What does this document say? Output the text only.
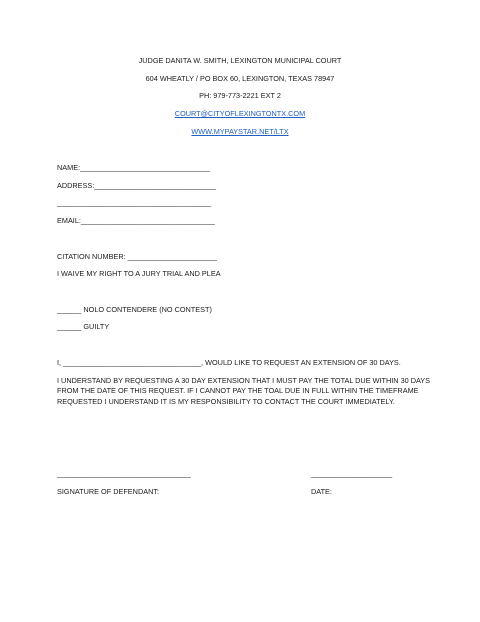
JUDGE DANITA W. SMITH, LEXINGTON MUNICIPAL COURT
604 WHEATLY / PO BOX 60, LEXINGTON, TEXAS 78947
PH: 979-773-2221 EXT 2
COURT@CITYOFLEXINGTONTX.COM
WWW.MYPAYSTAR.NET/LTX
NAME:________________________________
ADDRESS:______________________________
______________________________________
EMAIL:_________________________________
CITATION NUMBER: ______________________
I WAIVE MY RIGHT TO A JURY TRIAL AND PLEA
______ NOLO CONTENDERE (NO CONTEST)
______ GUILTY
I, __________________________________, WOULD LIKE TO REQUEST AN EXTENSION OF 30 DAYS.
I UNDERSTAND BY REQUESTING A 30 DAY EXTENSION THAT I MUST PAY THE TOTAL DUE WITHIN 30 DAYS FROM THE DATE OF THIS REQUEST. IF I CANNOT PAY THE TOAL DUE IN FULL WITHIN THE TIMEFRAME REQUESTED I UNDERSTAND IT IS MY RESPONSIBILITY TO CONTACT THE COURT IMMEDIATELY.
_________________________________	____________________
SIGNATURE OF DEFENDANT:	DATE:
